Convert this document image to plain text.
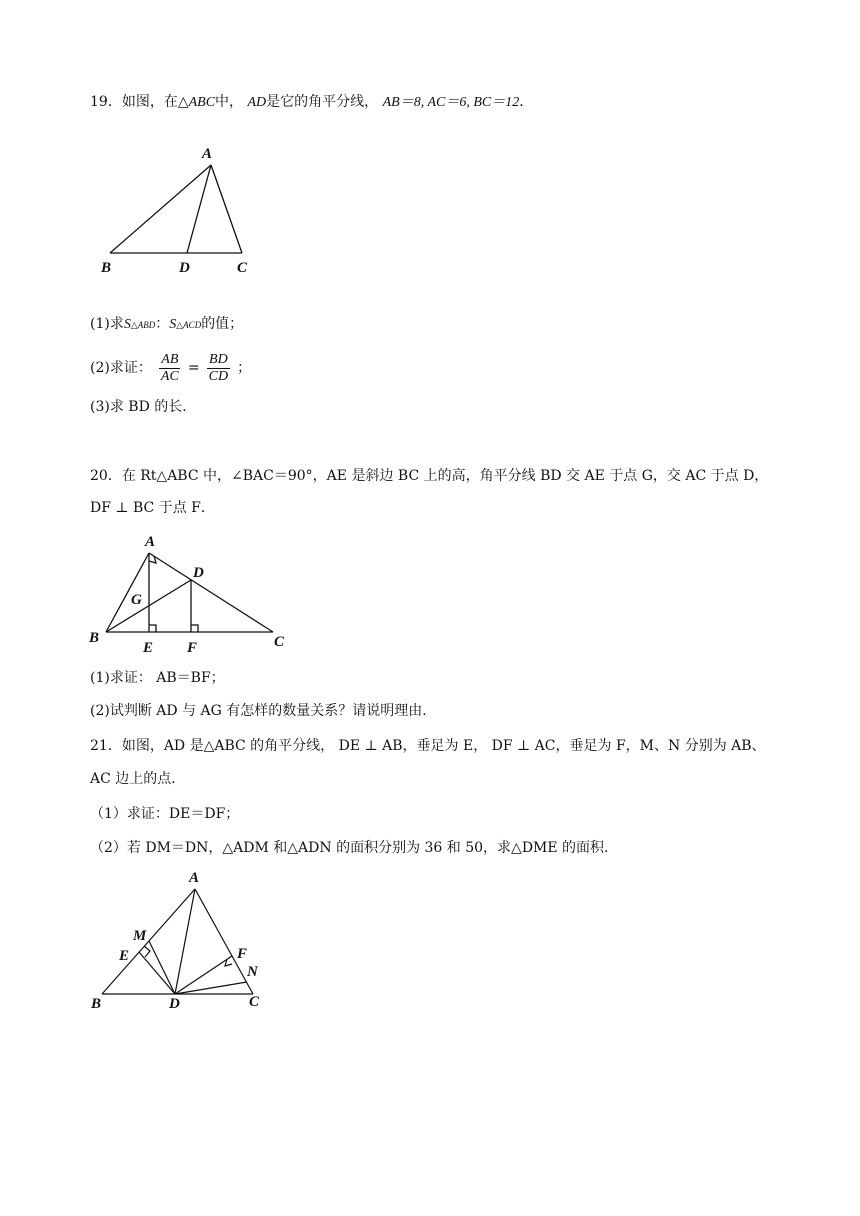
19．如图，在△ABC中， AD是它的角平分线， AB＝8, AC＝6, BC＝12．
A
B	D	C
(1)求S△ABD：S△ACD的值；
(2)求证： $\frac{AB}{AC} = \frac{BD}{CD}$ ；
(3)求 BD 的长．
20．在 Rt△ABC 中，∠BAC＝90°，AE 是斜边 BC 上的高，角平分线 BD 交 AE 于点 G，交 AC 于点 D，
DF ⊥ BC 于点 F．
A
B	C
D
E F
G
(1)求证： AB＝BF；
(2)试判断 AD 与 AG 有怎样的数量关系？请说明理由．
21．如图，AD 是△ABC 的角平分线， DE ⊥ AB，垂足为 E， DF ⊥ AC，垂足为 F，M、N 分别为 AB、
AC 边上的点．
（1）求证：DE＝DF；
（2）若 DM＝DN，△ADM 和△ADN 的面积分别为 36 和 50，求△DME 的面积．
A
B	C
D
E
M
F
N
